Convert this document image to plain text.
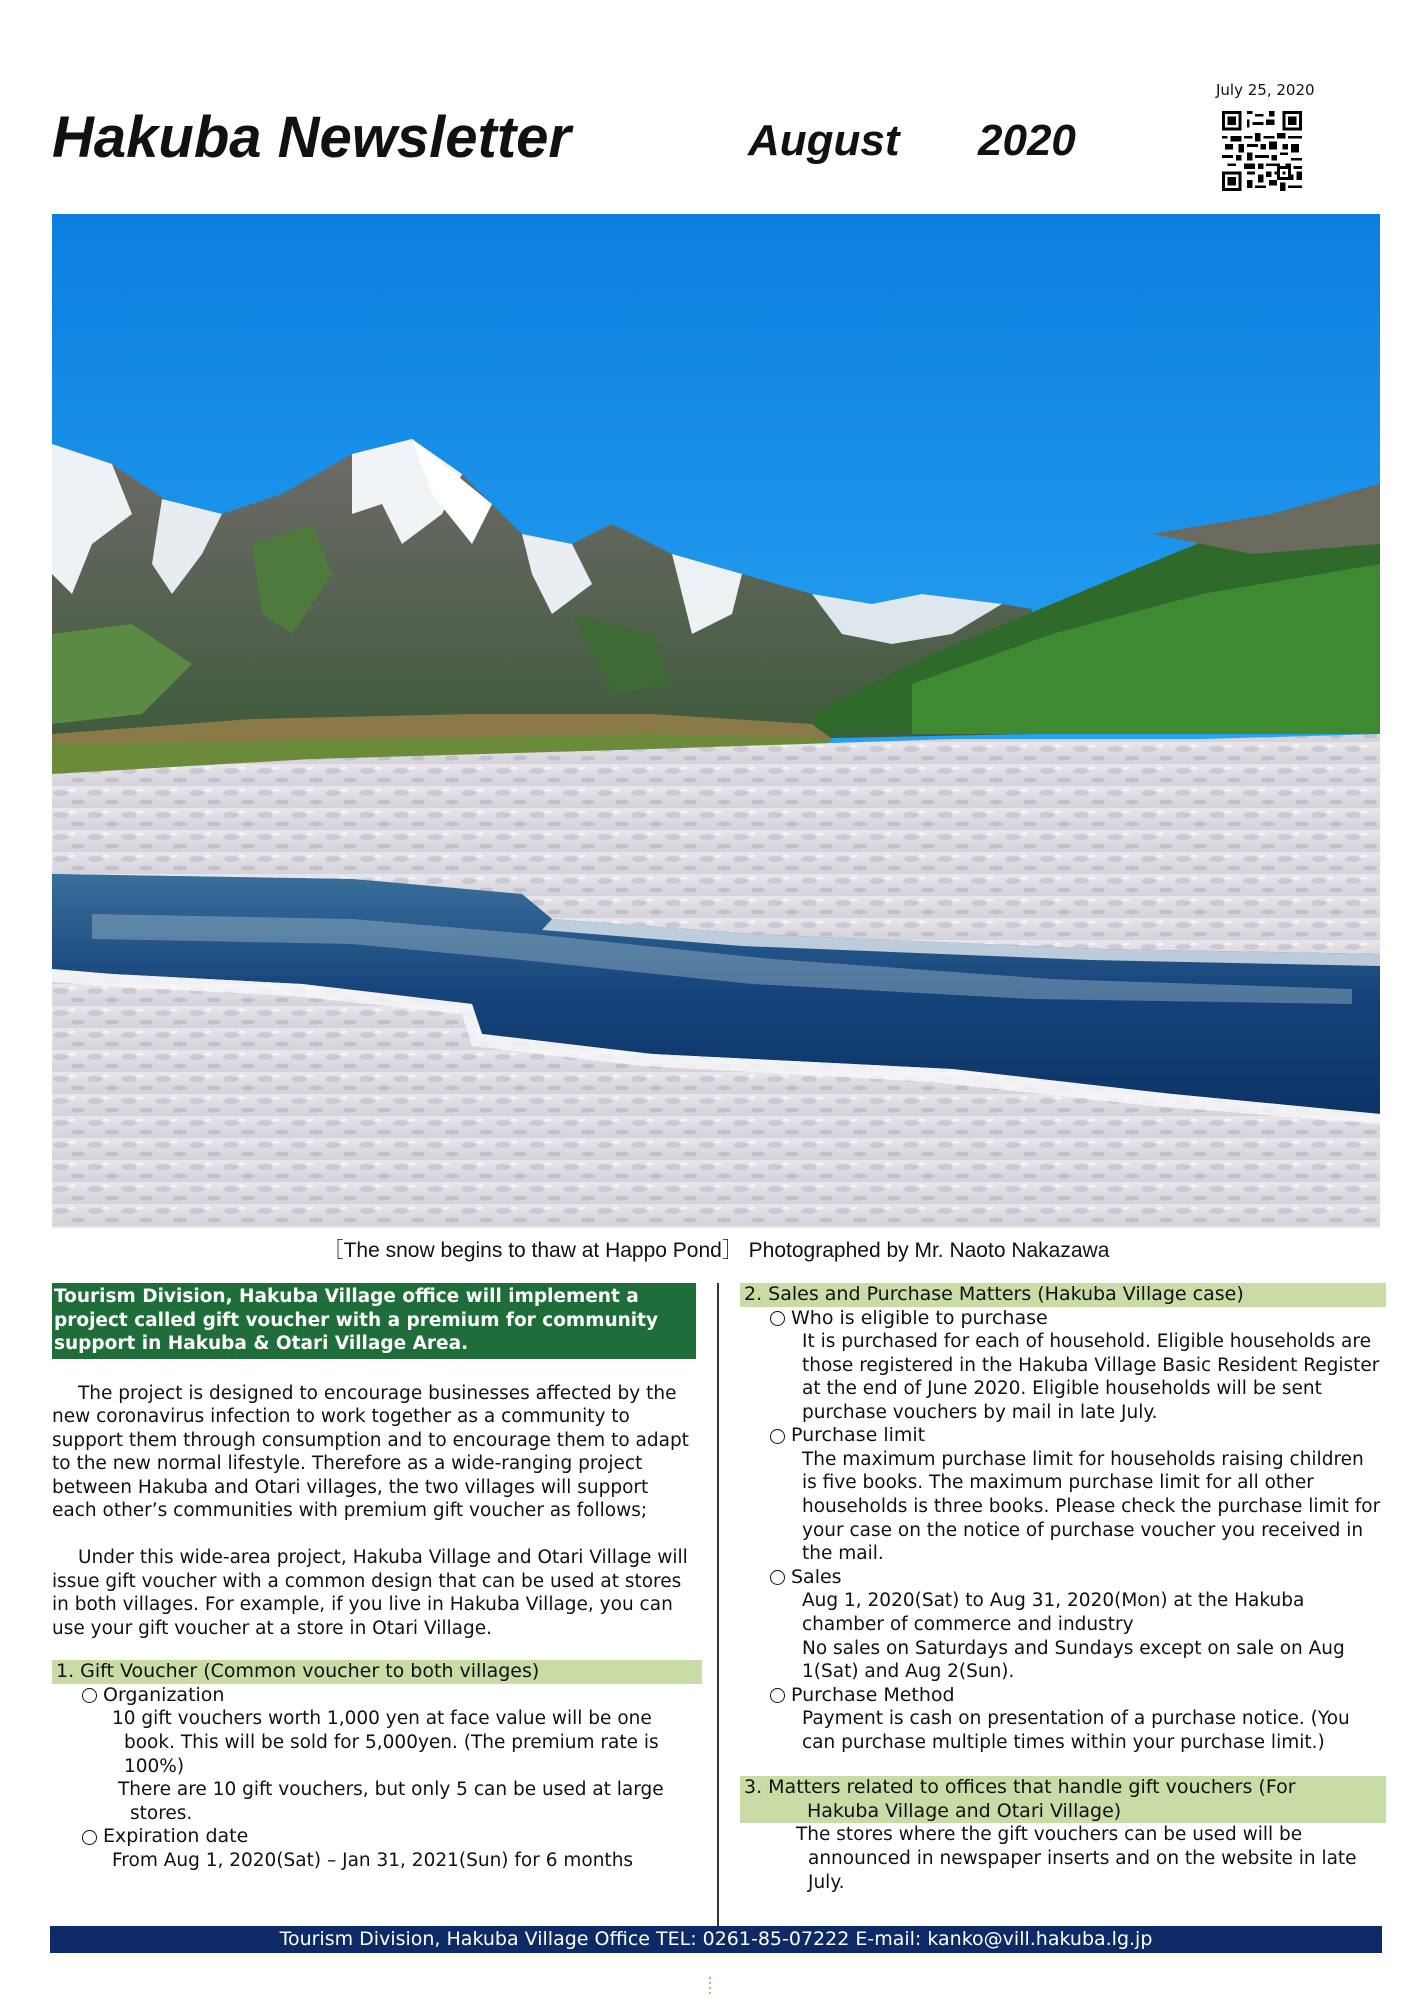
Hakuba Newsletter	August 2020
July 25, 2020
［The snow begins to thaw at Happo Pond］ Photographed by Mr. Naoto Nakazawa
Tourism Division, Hakuba Village office will implement a project called gift voucher with a premium for community support in Hakuba & Otari Village Area.

The project is designed to encourage businesses affected by the new coronavirus infection to work together as a community to support them through consumption and to encourage them to adapt to the new normal lifestyle. Therefore as a wide-ranging project between Hakuba and Otari villages, the two villages will support each other’s communities with premium gift voucher as follows;

Under this wide-area project, Hakuba Village and Otari Village will issue gift voucher with a common design that can be used at stores in both villages. For example, if you live in Hakuba Village, you can use your gift voucher at a store in Otari Village.

1. Gift Voucher (Common voucher to both villages)
Organization
10 gift vouchers worth 1,000 yen at face value will be one book. This will be sold for 5,000yen. (The premium rate is 100%)
There are 10 gift vouchers, but only 5 can be used at large stores.
Expiration date
From Aug 1, 2020(Sat) – Jan 31, 2021(Sun) for 6 months
2. Sales and Purchase Matters (Hakuba Village case)
Who is eligible to purchase
It is purchased for each of household. Eligible households are those registered in the Hakuba Village Basic Resident Register at the end of June 2020. Eligible households will be sent purchase vouchers by mail in late July.
Purchase limit
The maximum purchase limit for households raising children is five books. The maximum purchase limit for all other households is three books. Please check the purchase limit for your case on the notice of purchase voucher you received in the mail.
Sales
Aug 1, 2020(Sat) to Aug 31, 2020(Mon) at the Hakuba chamber of commerce and industry
No sales on Saturdays and Sundays except on sale on Aug 1(Sat) and Aug 2(Sun).
Purchase Method
Payment is cash on presentation of a purchase notice. (You can purchase multiple times within your purchase limit.)
3. Matters related to offices that handle gift vouchers (For
Hakuba Village and Otari Village)
The stores where the gift vouchers can be used will be announced in newspaper inserts and on the website in late July.
Tourism Division, Hakuba Village Office TEL: 0261-85-07222 E-mail: kanko@vill.hakuba.lg.jp
